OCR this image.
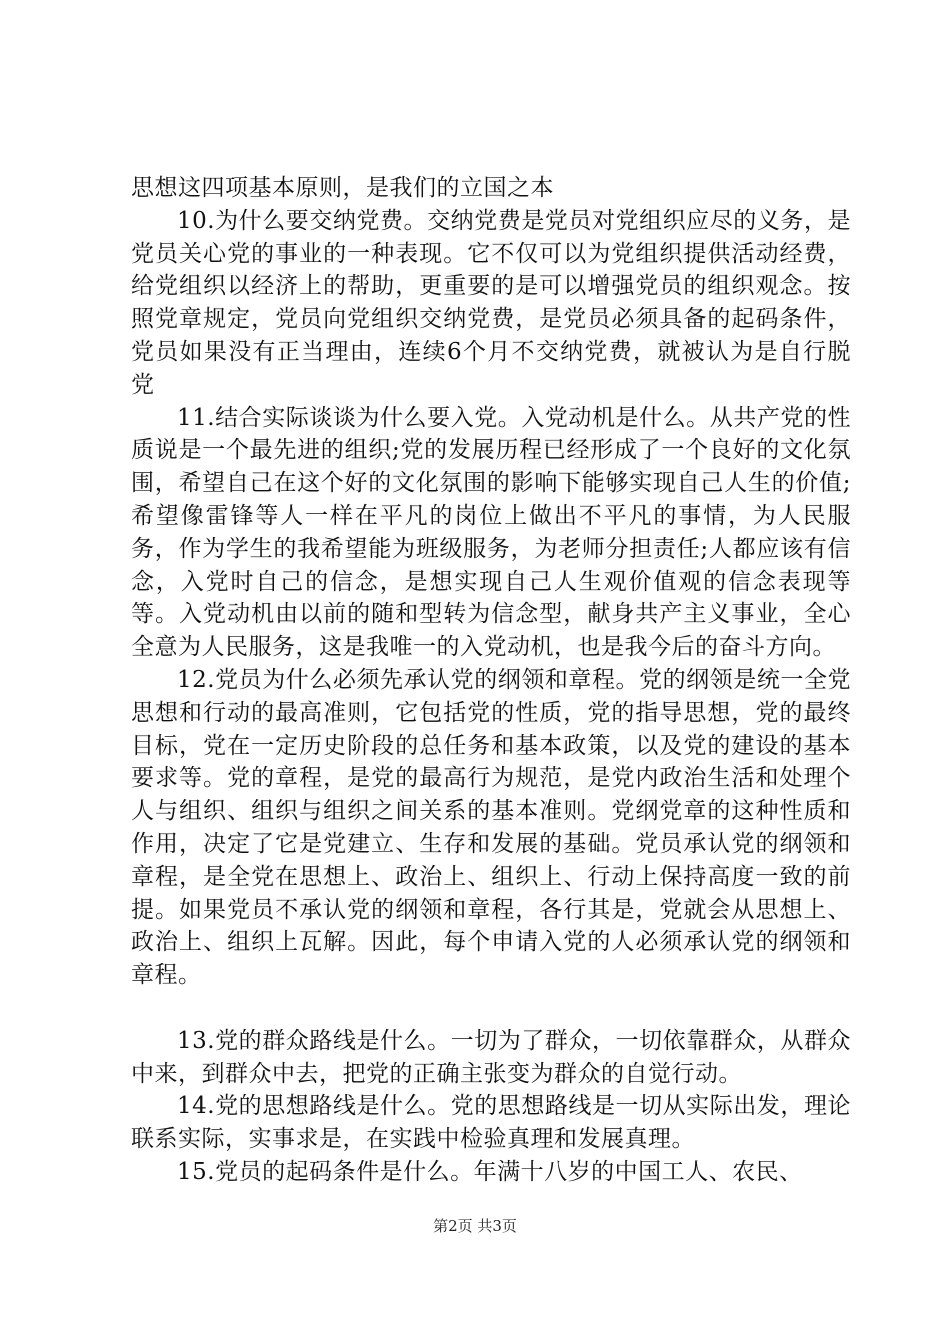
思想这四项基本原则，是我们的立国之本

10.为什么要交纳党费。交纳党费是党员对党组织应尽的义务，是党员关心党的事业的一种表现。它不仅可以为党组织提供活动经费，给党组织以经济上的帮助，更重要的是可以增强党员的组织观念。按照党章规定，党员向党组织交纳党费，是党员必须具备的起码条件，党员如果没有正当理由，连续6个月不交纳党费，就被认为是自行脱党

11.结合实际谈谈为什么要入党。入党动机是什么。从共产党的性质说是一个最先进的组织;党的发展历程已经形成了一个良好的文化氛围，希望自己在这个好的文化氛围的影响下能够实现自己人生的价值;希望像雷锋等人一样在平凡的岗位上做出不平凡的事情，为人民服务，作为学生的我希望能为班级服务，为老师分担责任;人都应该有信念，入党时自己的信念，是想实现自己人生观价值观的信念表现等等。入党动机由以前的随和型转为信念型，献身共产主义事业，全心全意为人民服务，这是我唯一的入党动机，也是我今后的奋斗方向。

12.党员为什么必须先承认党的纲领和章程。党的纲领是统一全党思想和行动的最高准则，它包括党的性质，党的指导思想，党的最终目标，党在一定历史阶段的总任务和基本政策，以及党的建设的基本要求等。党的章程，是党的最高行为规范，是党内政治生活和处理个人与组织、组织与组织之间关系的基本准则。党纲党章的这种性质和作用，决定了它是党建立、生存和发展的基础。党员承认党的纲领和章程，是全党在思想上、政治上、组织上、行动上保持高度一致的前提。如果党员不承认党的纲领和章程，各行其是，党就会从思想上、政治上、组织上瓦解。因此，每个申请入党的人必须承认党的纲领和章程。

13.党的群众路线是什么。一切为了群众，一切依靠群众，从群众中来，到群众中去，把党的正确主张变为群众的自觉行动。

14.党的思想路线是什么。党的思想路线是一切从实际出发，理论联系实际，实事求是，在实践中检验真理和发展真理。

15.党员的起码条件是什么。年满十八岁的中国工人、农民、

第2页 共3页
